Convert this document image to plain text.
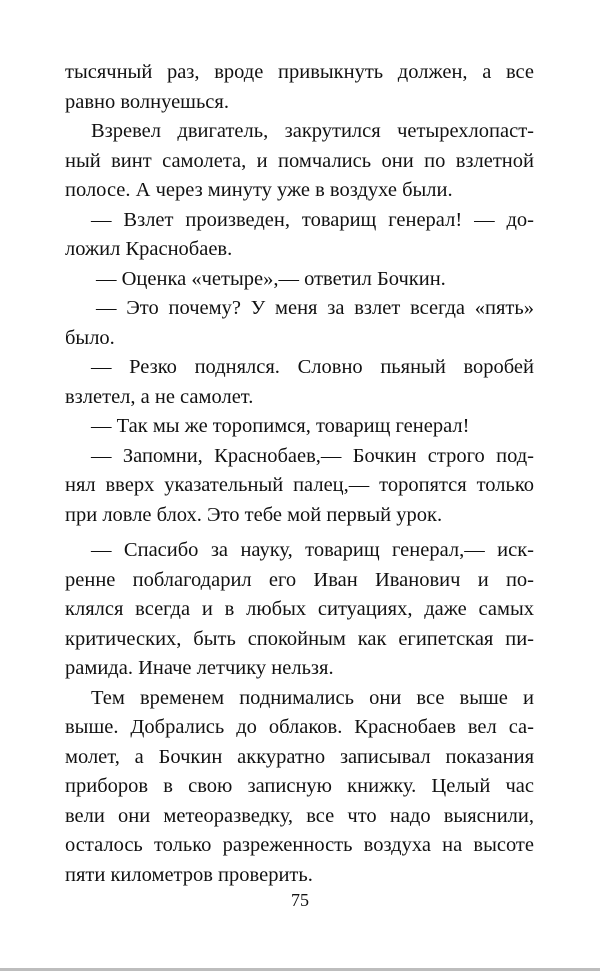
тысячный раз, вроде привыкнуть должен, а все
равно волнуешься.
Взревел двигатель, закрутился четырехлопаст-
ный винт самолета, и помчались они по взлетной
полосе. А через минуту уже в воздухе были.
— Взлет произведен, товарищ генерал! — до-
ложил Краснобаев.
— Оценка «четыре»,— ответил Бочкин.
— Это почему? У меня за взлет всегда «пять»
было.
— Резко поднялся. Словно пьяный воробей
взлетел, а не самолет.
— Так мы же торопимся, товарищ генерал!
— Запомни, Краснобаев,— Бочкин строго под-
нял вверх указательный палец,— торопятся только
при ловле блох. Это тебе мой первый урок.
— Спасибо за науку, товарищ генерал,— иск-
ренне поблагодарил его Иван Иванович и по-
клялся всегда и в любых ситуациях, даже самых
критических, быть спокойным как египетская пи-
рамида. Иначе летчику нельзя.
Тем временем поднимались они все выше и
выше. Добрались до облаков. Краснобаев вел са-
молет, а Бочкин аккуратно записывал показания
приборов в свою записную книжку. Целый час
вели они метеоразведку, все что надо выяснили,
осталось только разреженность воздуха на высоте
пяти километров проверить.
75
